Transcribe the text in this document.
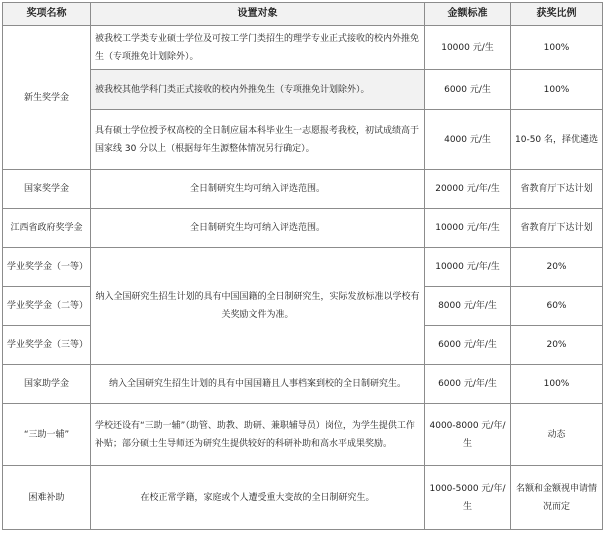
奖项名称	设置对象	金额标准	获奖比例
新生奖学金	被我校工学类专业硕士学位及可按工学门类招生的理学专业正式接收的校内外推免生（专项推免计划除外）。	10000 元/生	100%
	被我校其他学科门类正式接收的校内外推免生（专项推免计划除外）。	6000 元/生	100%
	具有硕士学位授予权高校的全日制应届本科毕业生一志愿报考我校，初试成绩高于国家线 30 分以上（根据每年生源整体情况另行确定）。	4000 元/生	10-50 名，择优遴选
国家奖学金	全日制研究生均可纳入评选范围。	20000 元/年/生	省教育厅下达计划
江西省政府奖学金	全日制研究生均可纳入评选范围。	10000 元/年/生	省教育厅下达计划
学业奖学金（一等）	纳入全国研究生招生计划的具有中国国籍的全日制研究生，实际发放标准以学校有关奖励文件为准。	10000 元/年/生	20%
学业奖学金（二等）		8000 元/年/生	60%
学业奖学金（三等）		6000 元/年/生	20%
国家助学金	纳入全国研究生招生计划的具有中国国籍且人事档案到校的全日制研究生。	6000 元/年/生	100%
“三助一辅”	学校还设有“三助一辅”（助管、助教、助研、兼职辅导员）岗位，为学生提供工作补贴；部分硕士生导师还为研究生提供较好的科研补助和高水平成果奖励。	4000-8000 元/年/生	动态
困难补助	在校正常学籍，家庭或个人遭受重大变故的全日制研究生。	1000-5000 元/年/生	名额和金额视申请情况而定
